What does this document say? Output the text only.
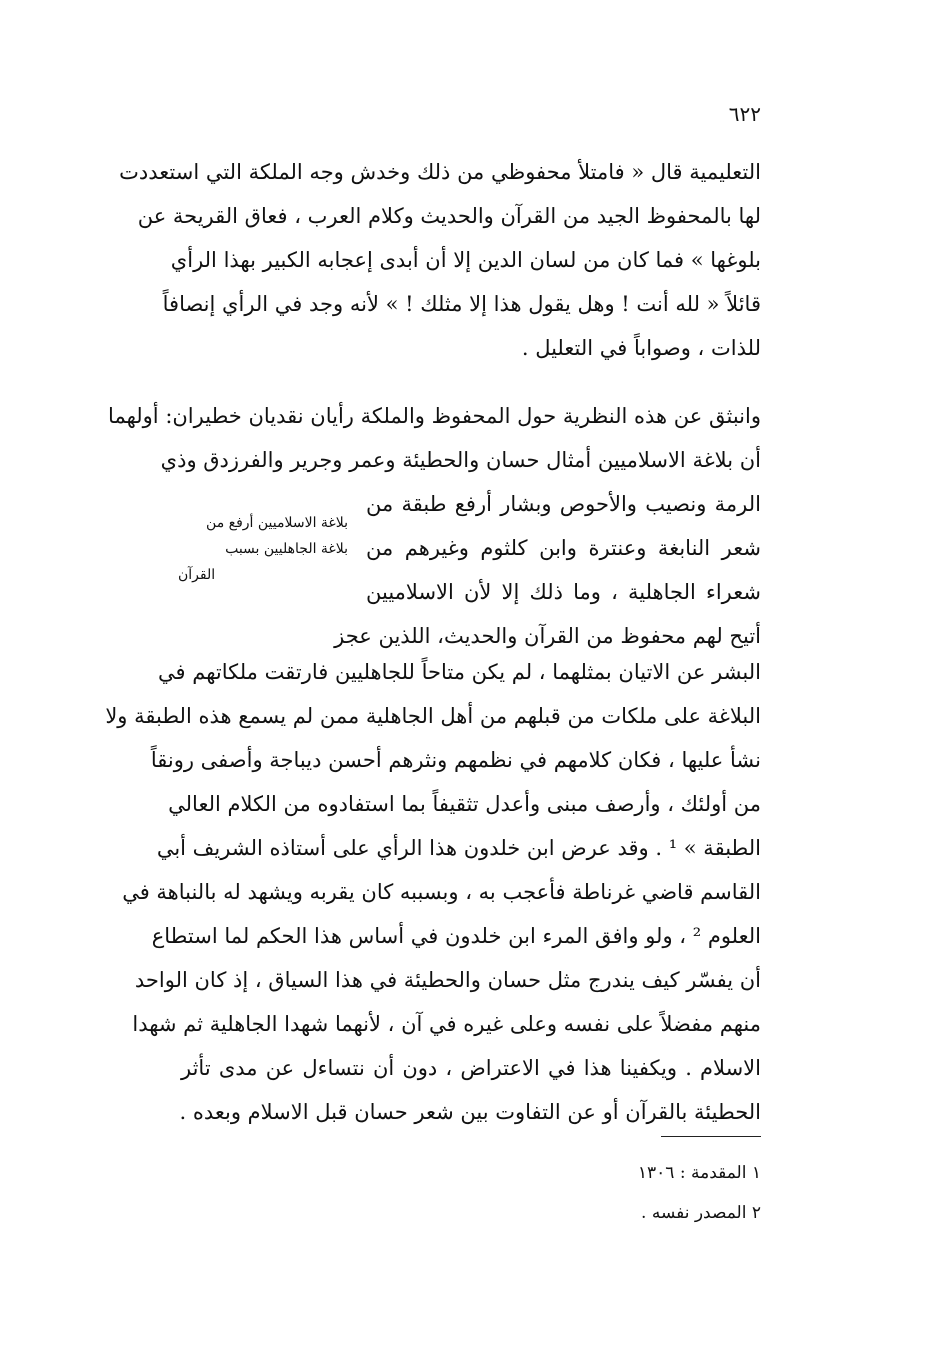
٦٢٢
التعليمية قال « فامتلأ محفوظي من ذلك وخدش وجه الملكة التي استعددت
لها بالمحفوظ الجيد من القرآن والحديث وكلام العرب ، فعاق القريحة عن
بلوغها » فما كان من لسان الدين إلا أن أبدى إعجابه الكبير بهذا الرأي
قائلاً « لله أنت ! وهل يقول هذا إلا مثلك ! » لأنه وجد في الرأي إنصافاً
للذات ، وصواباً في التعليل .
وانبثق عن هذه النظرية حول المحفوظ والملكة رأيان نقديان خطيران: أولهما
أن بلاغة الاسلاميين أمثال حسان والحطيئة وعمر وجرير والفرزدق وذي
الرمة ونصيب والأحوص وبشار أرفع طبقة من
شعر النابغة وعنترة وابن كلثوم وغيرهم من
شعراء الجاهلية ، وما ذلك إلا لأن الاسلاميين
أتيح لهم محفوظ من القرآن والحديث، اللذين عجز
بلاغة الاسلاميين أرفع من
بلاغة الجاهليين بسبب
القرآن
البشر عن الاتيان بمثلهما ، لم يكن متاحاً للجاهليين فارتقت ملكاتهم في
البلاغة على ملكات من قبلهم من أهل الجاهلية ممن لم يسمع هذه الطبقة ولا
نشأ عليها ، فكان كلامهم في نظمهم ونثرهم أحسن ديباجة وأصفى رونقاً
من أولئك ، وأرصف مبنى وأعدل تثقيفاً بما استفادوه من الكلام العالي
الطبقة » ¹ . وقد عرض ابن خلدون هذا الرأي على أستاذه الشريف أبي
القاسم قاضي غرناطة فأعجب به ، وبسببه كان يقربه ويشهد له بالنباهة في
العلوم ² ، ولو وافق المرء ابن خلدون في أساس هذا الحكم لما استطاع
أن يفسّر كيف يندرج مثل حسان والحطيئة في هذا السياق ، إذ كان الواحد
منهم مفضلاً على نفسه وعلى غيره في آن ، لأنهما شهدا الجاهلية ثم شهدا
الاسلام . ويكفينا هذا في الاعتراض ، دون أن نتساءل عن مدى تأثر
الحطيئة بالقرآن أو عن التفاوت بين شعر حسان قبل الاسلام وبعده .
١ المقدمة : ١٣٠٦
٢ المصدر نفسه .
